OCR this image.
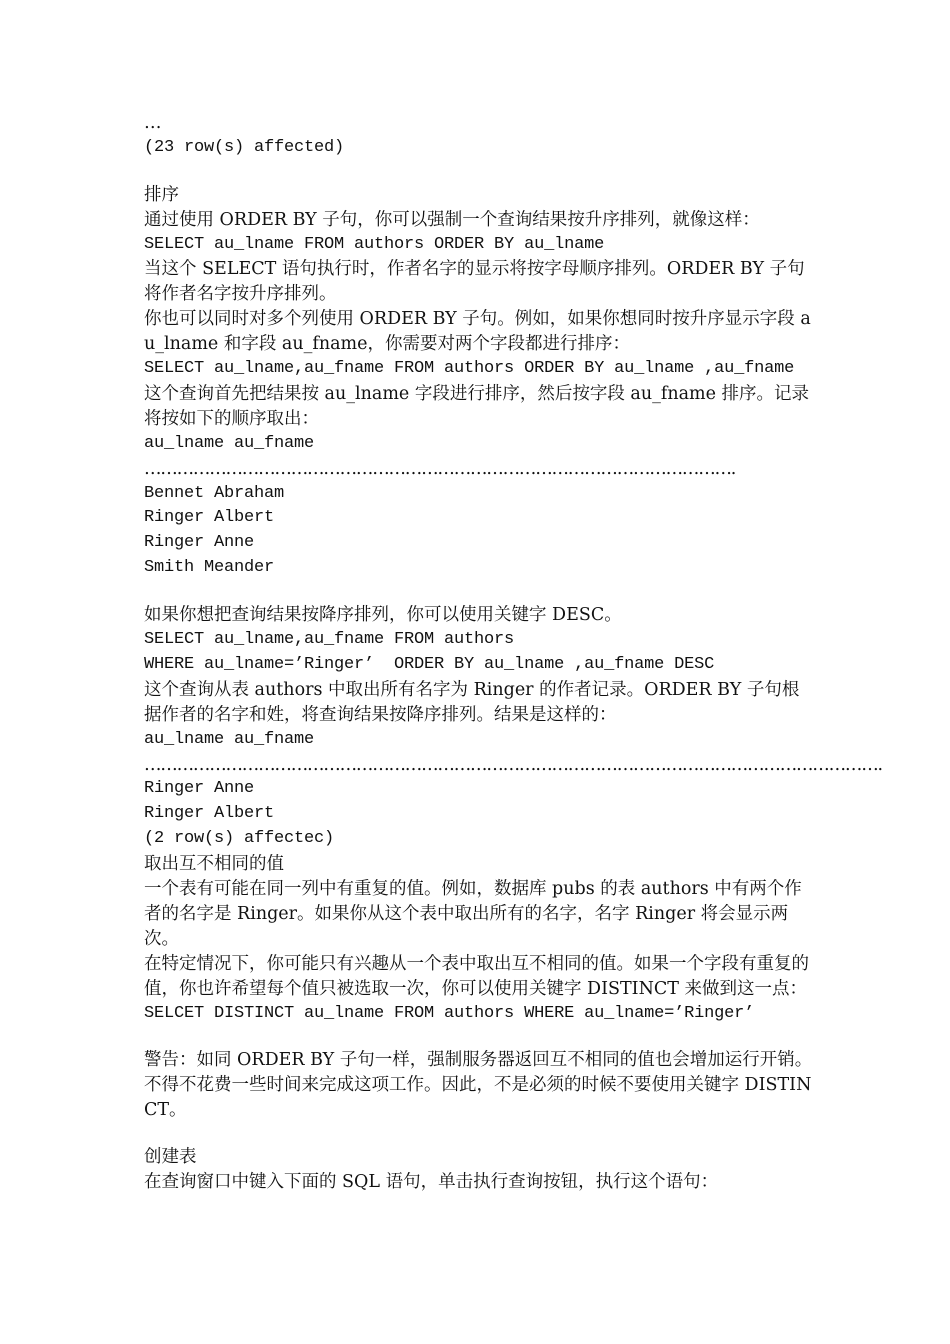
…
(23 row(s) affected)
排序
通过使用 ORDER BY 子句，你可以强制一个查询结果按升序排列，就像这样：
SELECT au_lname FROM authors ORDER BY au_lname
当这个 SELECT 语句执行时，作者名字的显示将按字母顺序排列。ORDER BY 子句将作者名字按升序排列。
你也可以同时对多个列使用 ORDER BY 子句。例如，如果你想同时按升序显示字段 au_lname 和字段 au_fname，你需要对两个字段都进行排序：
SELECT au_lname,au_fname FROM authors ORDER BY au_lname ,au_fname
这个查询首先把结果按 au_lname 字段进行排序，然后按字段 au_fname 排序。记录将按如下的顺序取出：
au_lname au_fname
……………………………………………………………………………………………….
Bennet Abraham
Ringer Albert
Ringer Anne
Smith Meander
如果你想把查询结果按降序排列，你可以使用关键字 DESC。
SELECT au_lname,au_fname FROM authors
WHERE au_lname=’Ringer’  ORDER BY au_lname ,au_fname DESC
这个查询从表 authors 中取出所有名字为 Ringer 的作者记录。ORDER BY 子句根据作者的名字和姓，将查询结果按降序排列。结果是这样的：
au_lname au_fname
……………………………………………………………………………………………………………………….
Ringer Anne
Ringer Albert
(2 row(s) affectec)
取出互不相同的值
一个表有可能在同一列中有重复的值。例如，数据库 pubs 的表 authors 中有两个作者的名字是 Ringer。如果你从这个表中取出所有的名字，名字 Ringer 将会显示两次。
在特定情况下，你可能只有兴趣从一个表中取出互不相同的值。如果一个字段有重复的值，你也许希望每个值只被选取一次，你可以使用关键字 DISTINCT 来做到这一点：
SELCET DISTINCT au_lname FROM authors WHERE au_lname=’Ringer’
警告：如同 ORDER BY 子句一样，强制服务器返回互不相同的值也会增加运行开销。不得不花费一些时间来完成这项工作。因此，不是必须的时候不要使用关键字 DISTINCT。
创建表
在查询窗口中键入下面的 SQL 语句，单击执行查询按钮，执行这个语句：
